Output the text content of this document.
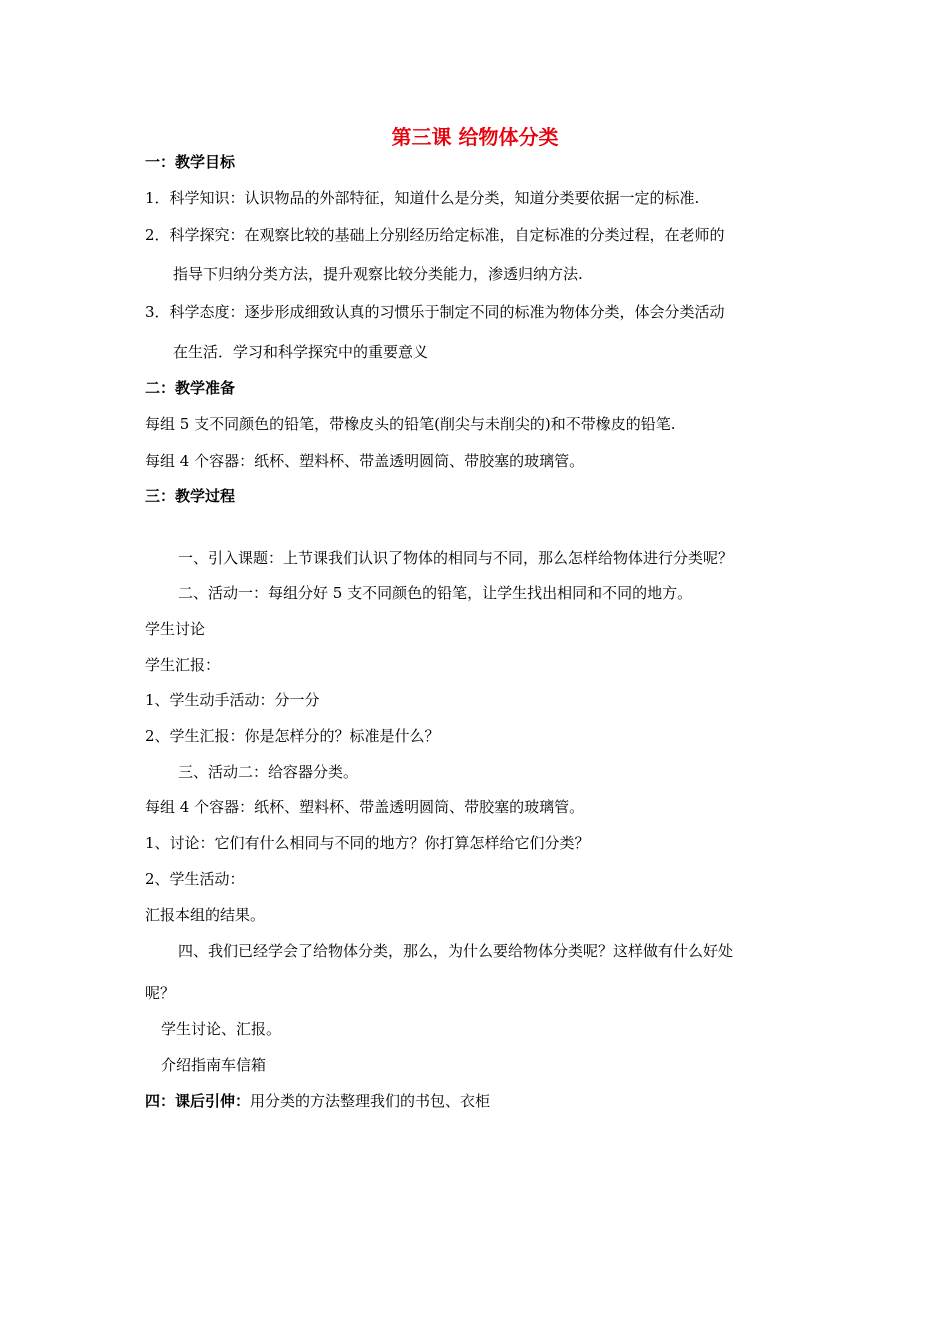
第三课 给物体分类
一：教学目标
1．科学知识：认识物品的外部特征，知道什么是分类，知道分类要依据一定的标准.
2．科学探究：在观察比较的基础上分别经历给定标准，自定标准的分类过程，在老师的
指导下归纳分类方法，提升观察比较分类能力，渗透归纳方法.
3．科学态度：逐步形成细致认真的习惯乐于制定不同的标准为物体分类，体会分类活动
在生活．学习和科学探究中的重要意义
二：教学准备
每组 5 支不同颜色的铅笔，带橡皮头的铅笔(削尖与未削尖的)和不带橡皮的铅笔.
每组 4 个容器：纸杯、塑料杯、带盖透明圆筒、带胶塞的玻璃管。
三：教学过程
一、引入课题：上节课我们认识了物体的相同与不同，那么怎样给物体进行分类呢？
二、活动一：每组分好 5 支不同颜色的铅笔，让学生找出相同和不同的地方。
学生讨论
学生汇报：
1、学生动手活动：分一分
2、学生汇报：你是怎样分的？标准是什么？
三、活动二：给容器分类。
每组 4 个容器：纸杯、塑料杯、带盖透明圆筒、带胶塞的玻璃管。
1、讨论：它们有什么相同与不同的地方？你打算怎样给它们分类？
2、学生活动：
汇报本组的结果。
四、我们已经学会了给物体分类，那么，为什么要给物体分类呢？这样做有什么好处
呢？
学生讨论、汇报。
介绍指南车信箱
四：课后引伸：用分类的方法整理我们的书包、衣柜
